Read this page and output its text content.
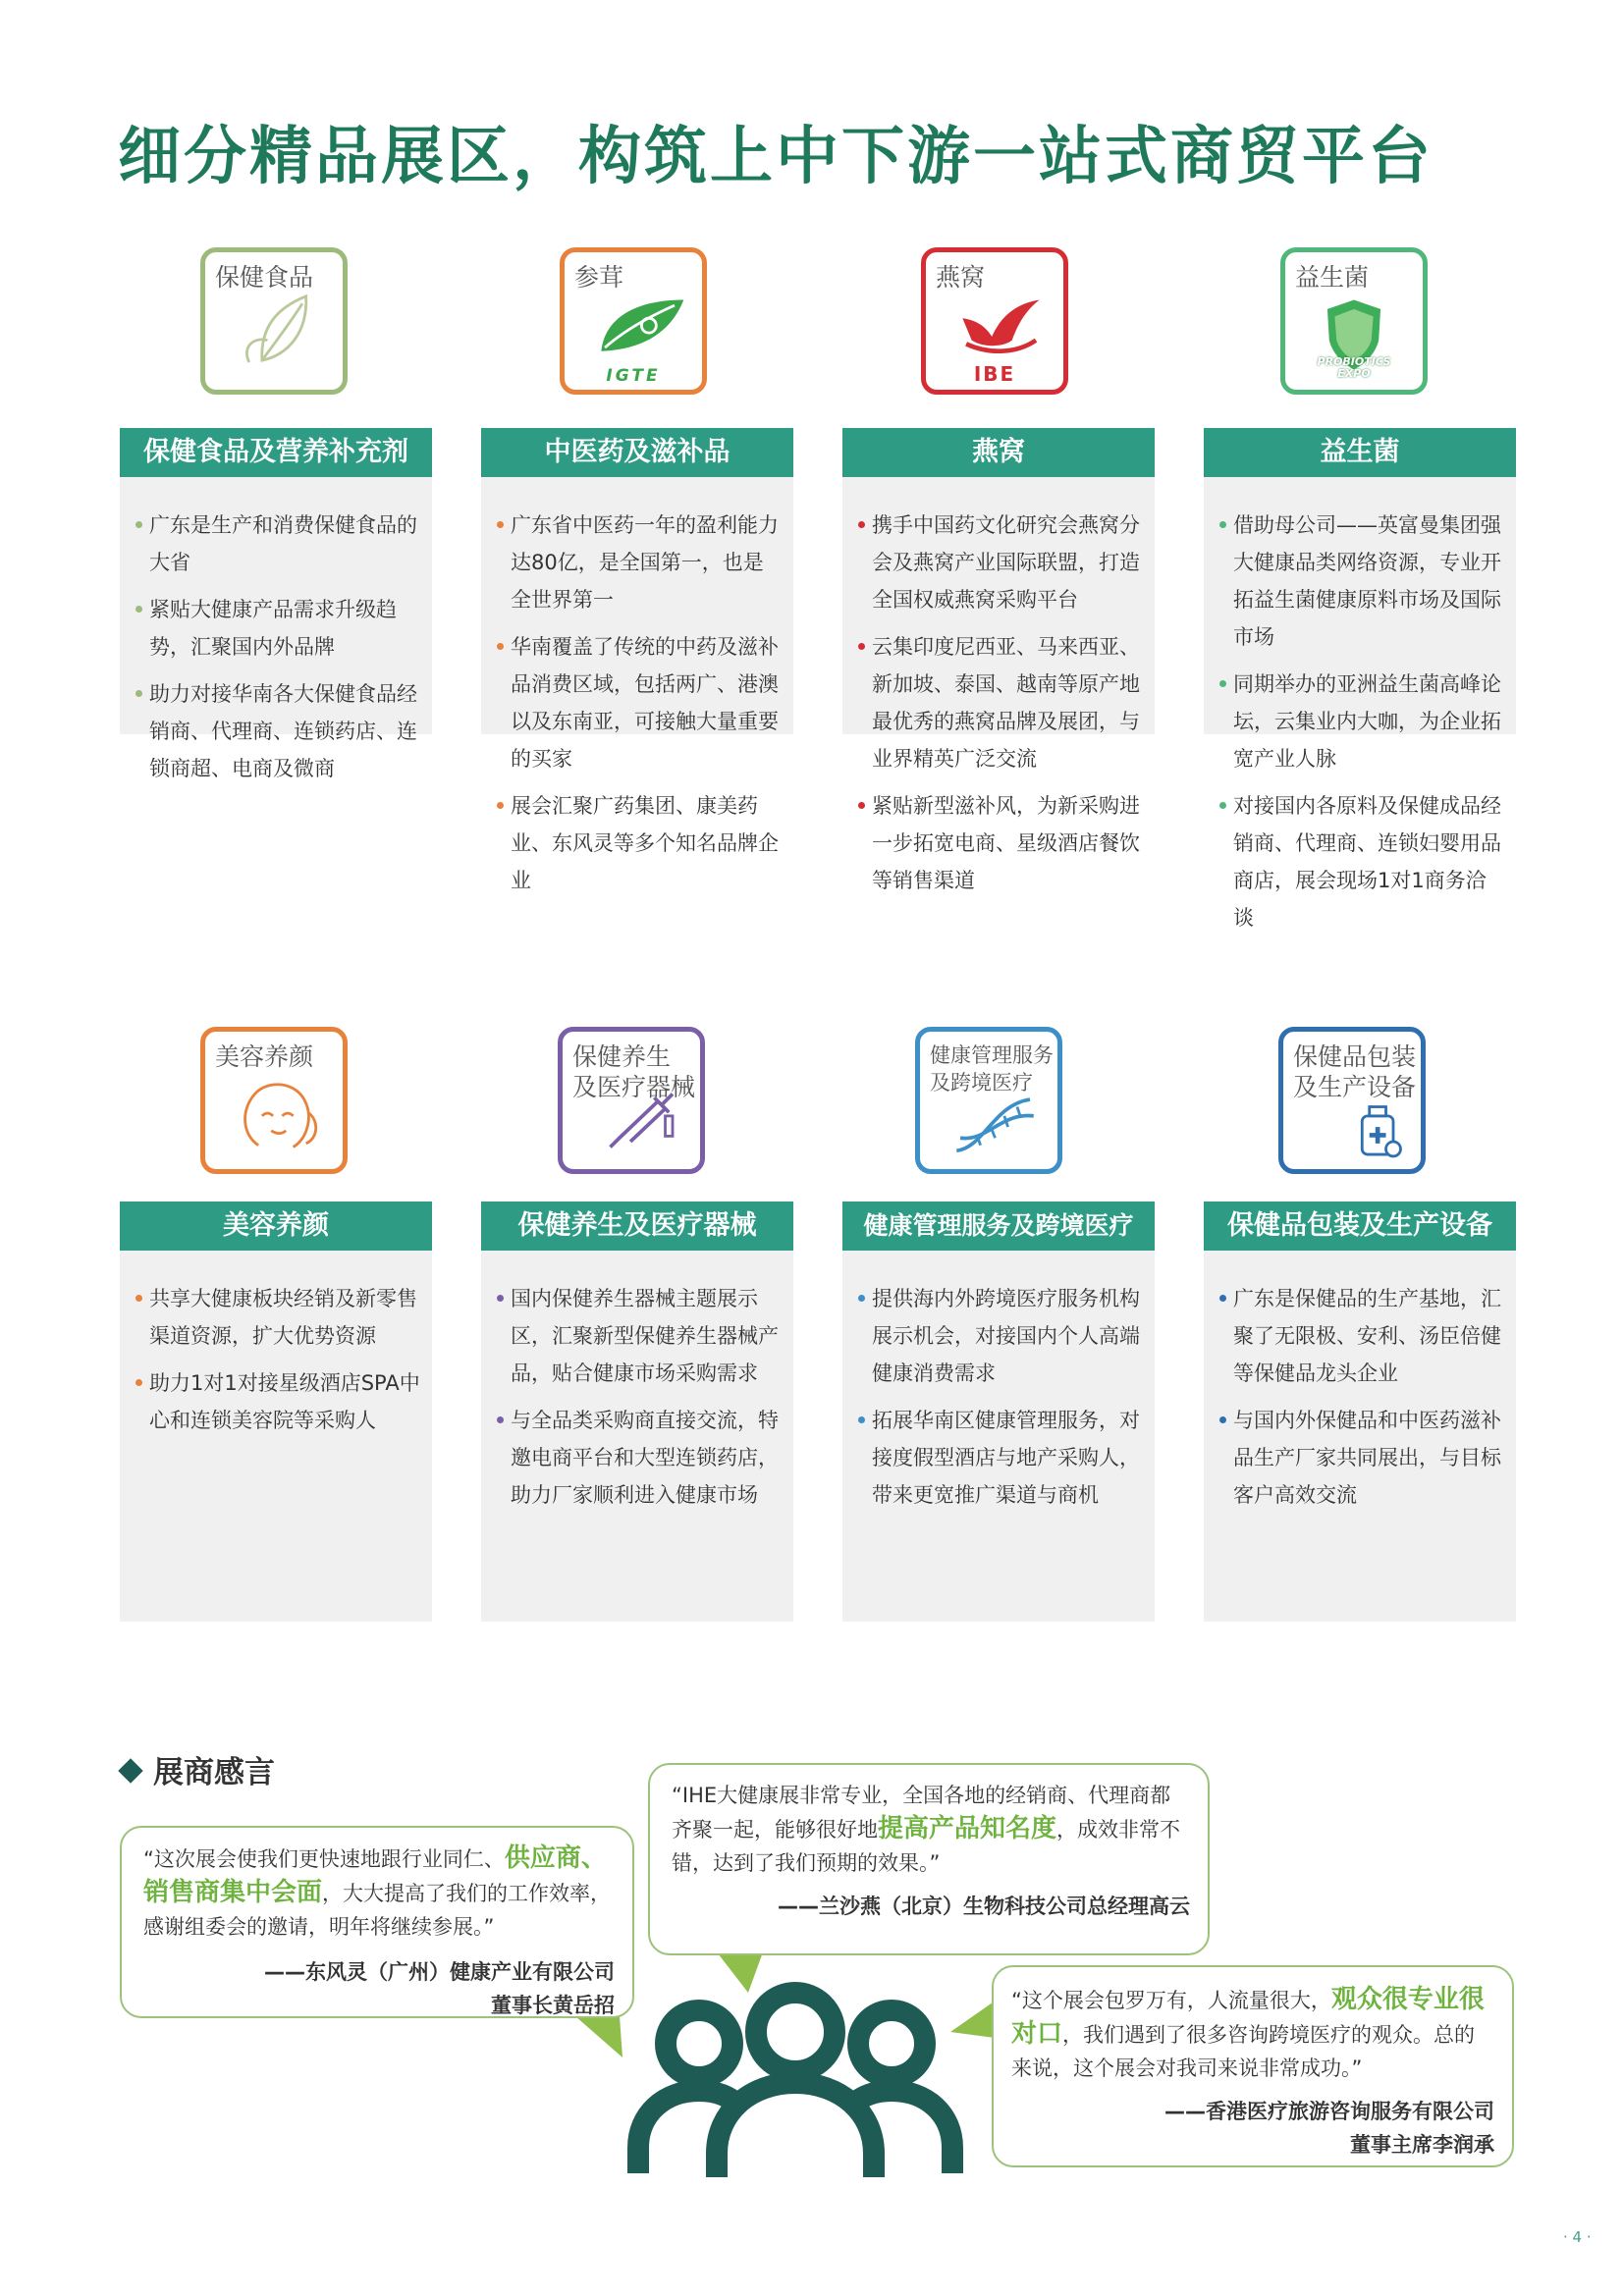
细分精品展区，构筑上中下游一站式商贸平台
保健食品
保健食品及营养补充剂
广东是生产和消费保健食品的大省
紧贴大健康产品需求升级趋势，汇聚国内外品牌
助力对接华南各大保健食品经销商、代理商、连锁药店、连锁商超、电商及微商
参茸
IGTE
中医药及滋补品
广东省中医药一年的盈利能力达80亿，是全国第一，也是全世界第一
华南覆盖了传统的中药及滋补品消费区域，包括两广、港澳以及东南亚，可接触大量重要的买家
展会汇聚广药集团、康美药业、东风灵等多个知名品牌企业
燕窝
IBE
燕窝
携手中国药文化研究会燕窝分会及燕窝产业国际联盟，打造全国权威燕窝采购平台
云集印度尼西亚、马来西亚、新加坡、泰国、越南等原产地最优秀的燕窝品牌及展团，与业界精英广泛交流
紧贴新型滋补风，为新采购进一步拓宽电商、星级酒店餐饮等销售渠道
益生菌
PROBIOTICS EXPO
益生菌
借助母公司——英富曼集团强大健康品类网络资源，专业开拓益生菌健康原料市场及国际市场
同期举办的亚洲益生菌高峰论坛，云集业内大咖，为企业拓宽产业人脉
对接国内各原料及保健成品经销商、代理商、连锁妇婴用品商店，展会现场1对1商务洽谈
美容养颜
美容养颜
共享大健康板块经销及新零售渠道资源，扩大优势资源
助力1对1对接星级酒店SPA中心和连锁美容院等采购人
保健养生
及医疗器械
保健养生及医疗器械
国内保健养生器械主题展示区，汇聚新型保健养生器械产品，贴合健康市场采购需求
与全品类采购商直接交流，特邀电商平台和大型连锁药店，助力厂家顺利进入健康市场
健康管理服务
及跨境医疗
健康管理服务及跨境医疗
提供海内外跨境医疗服务机构展示机会，对接国内个人高端健康消费需求
拓展华南区健康管理服务，对接度假型酒店与地产采购人，带来更宽推广渠道与商机
保健品包装
及生产设备
保健品包装及生产设备
广东是保健品的生产基地，汇聚了无限极、安利、汤臣倍健等保健品龙头企业
与国内外保健品和中医药滋补品生产厂家共同展出，与目标客户高效交流
展商感言
“这次展会使我们更快速地跟行业同仁、供应商、销售商集中会面，大大提高了我们的工作效率，感谢组委会的邀请，明年将继续参展。”
——东风灵（广州）健康产业有限公司
董事长黄岳招
“IHE大健康展非常专业，全国各地的经销商、代理商都齐聚一起，能够很好地提高产品知名度，成效非常不错，达到了我们预期的效果。”
——兰沙燕（北京）生物科技公司总经理高云
“这个展会包罗万有，人流量很大，观众很专业很对口，我们遇到了很多咨询跨境医疗的观众。总的来说，这个展会对我司来说非常成功。”
——香港医疗旅游咨询服务有限公司
董事主席李润承
· 4 ·
